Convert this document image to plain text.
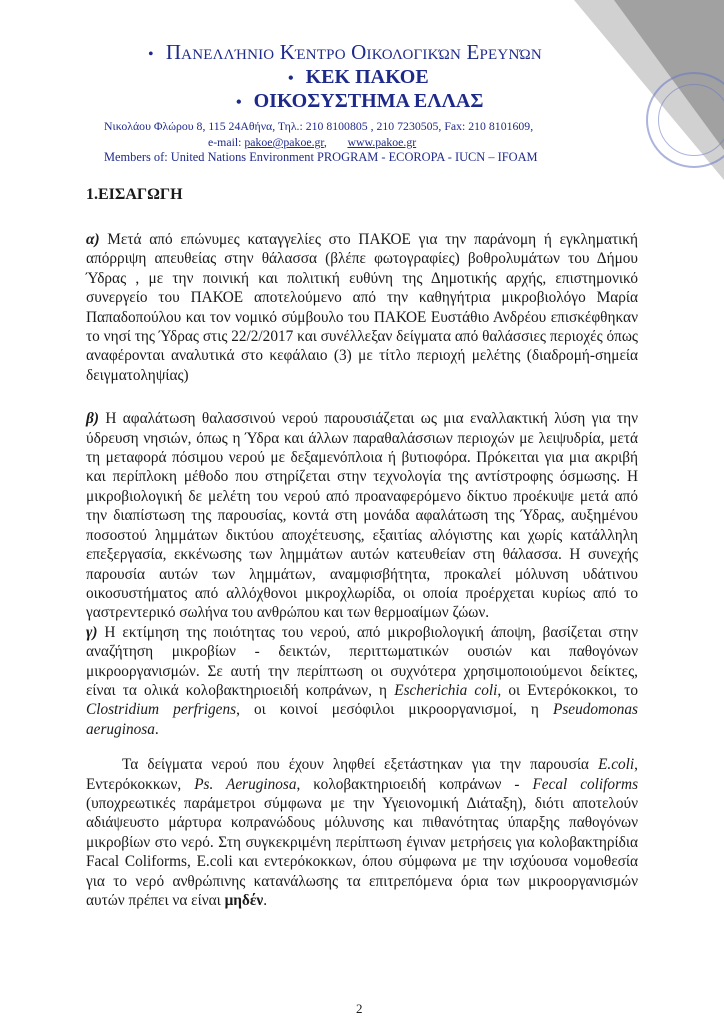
• Πανελλήνιο Κέντρο Οικολογικών Ερευνών
• ΚΕΚ ΠΑΚΟΕ
• ΟΙΚΟΣΥΣΤΗΜΑ ΕΛΛΑΣ
Νικολάου Φλώρου 8, 115 24Αθήνα, Τηλ.: 210 8100805 , 210 7230505, Fax: 210 8101609,
e-mail: pakoe@pakoe.gr,       www.pakoe.gr
Members of: United Nations Environment PROGRAM - ECOROPA - IUCN – IFOAM
1.ΕΙΣΑΓΩΓΗ

α) Μετά από επώνυμες καταγγελίες στο ΠΑΚΟΕ για την παράνομη ή εγκληματική απόρριψη απευθείας στην θάλασσα (βλέπε φωτογραφίες) βοθρολυμάτων του Δήμου Ύδρας , με την ποινική και πολιτική ευθύνη της Δημοτικής αρχής, επιστημονικό συνεργείο του ΠΑΚΟΕ αποτελούμενο από την καθηγήτρια μικροβιολόγο Μαρία Παπαδοπούλου και τον νομικό σύμβουλο του ΠΑΚΟΕ Ευστάθιο Ανδρέου επισκέφθηκαν το νησί της Ύδρας στις 22/2/2017 και συνέλλεξαν δείγματα από θαλάσσιες περιοχές όπως αναφέρονται αναλυτικά στο κεφάλαιο (3) με τίτλο περιοχή μελέτης (διαδρομή-σημεία δειγματοληψίας)

β) Η αφαλάτωση θαλασσινού νερού παρουσιάζεται ως μια εναλλακτική λύση για την ύδρευση νησιών, όπως η Ύδρα και άλλων παραθαλάσσιων περιοχών με λειψυδρία, μετά τη μεταφορά πόσιμου νερού με δεξαμενόπλοια ή βυτιοφόρα. Πρόκειται για μια ακριβή και περίπλοκη μέθοδο που στηρίζεται στην τεχνολογία της αντίστροφης όσμωσης. Η μικροβιολογική δε μελέτη του νερού από προαναφερόμενο δίκτυο προέκυψε μετά από την διαπίστωση της παρουσίας, κοντά στη μονάδα αφαλάτωση της Ύδρας, αυξημένου ποσοστού λημμάτων δικτύου αποχέτευσης, εξαιτίας αλόγιστης και χωρίς κατάλληλη επεξεργασία, εκκένωσης των λημμάτων αυτών κατευθείαν στη θάλασσα. Η συνεχής παρουσία αυτών των λημμάτων, αναμφισβήτητα, προκαλεί μόλυνση υδάτινου οικοσυστήματος από αλλόχθονοι μικροχλωρίδα, οι οποία προέρχεται κυρίως από το γαστρεντερικό σωλήνα του ανθρώπου και των θερμοαίμων ζώων.

γ) Η εκτίμηση της ποιότητας του νερού, από μικροβιολογική άποψη, βασίζεται στην αναζήτηση μικροβίων - δεικτών, περιττωματικών ουσιών και παθογόνων μικροοργανισμών. Σε αυτή την περίπτωση οι συχνότερα χρησιμοποιούμενοι δείκτες, είναι τα ολικά κολοβακτηριοειδή κοπράνων, η Escherichia coli, οι Εντερόκοκκοι, το Clostridium perfrigens, οι κοινοί μεσόφιλοι μικροοργανισμοί, η Pseudomonas aeruginosa.

Τα δείγματα νερού που έχουν ληφθεί εξετάστηκαν για την παρουσία E.coli, Εντερόκοκκων, Ps. Aeruginosa, κολοβακτηριοειδή κοπράνων - Fecal coliforms (υποχρεωτικές παράμετροι σύμφωνα με την Υγειονομική Διάταξη), διότι αποτελούν αδιάψευστο μάρτυρα κοπρανώδους μόλυνσης και πιθανότητας ύπαρξης παθογόνων μικροβίων στο νερό. Στη συγκεκριμένη περίπτωση έγιναν μετρήσεις για κολοβακτηρίδια Facal Coliforms, E.coli και εντερόκοκκων, όπου σύμφωνα με την ισχύουσα νομοθεσία για το νερό ανθρώπινης κατανάλωσης τα επιτρεπόμενα όρια των μικροοργανισμών αυτών πρέπει να είναι μηδέν.

2
